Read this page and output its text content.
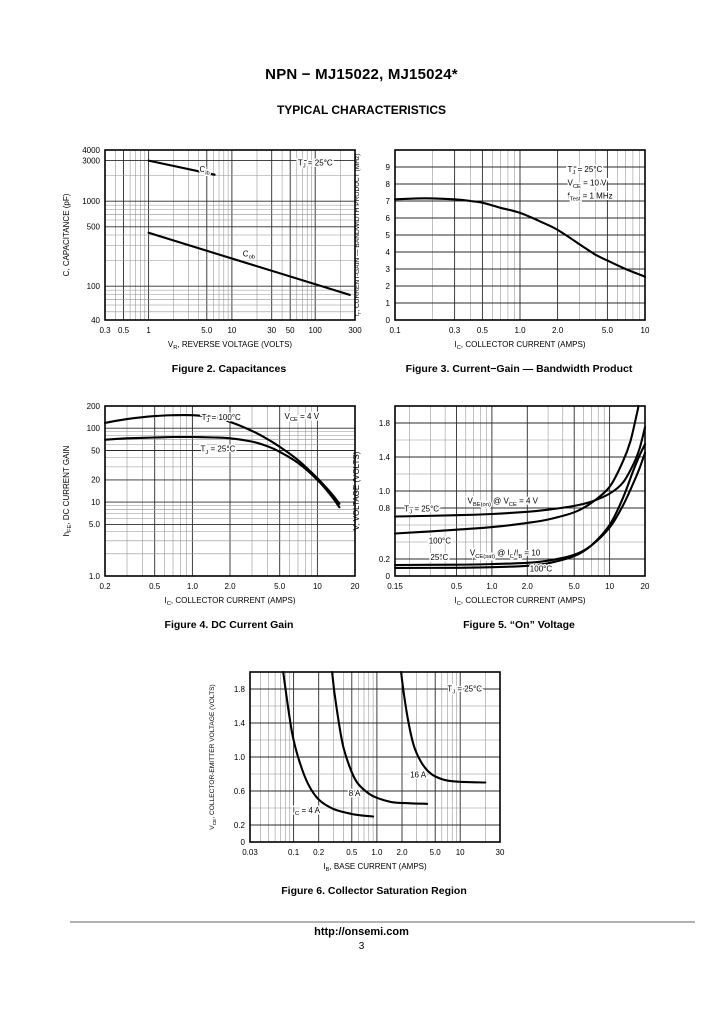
NPN − MJ15022, MJ15024*
TYPICAL CHARACTERISTICS
0.3 0.5 1	5.0 10	30 50 100	300
4000
3000
1000
500
100
40
$V_R$, REVERSE VOLTAGE (VOLTS)
C, CAPACITANCE (pF)
$C_{ib}$
$C_{ob}$
$T_J = 25^\circ C$
Figure 2. Capacitances
0.1	0.3 0.5	1.0	2.0	5.0	10
0
1
2
3
4
5
6
7
8
9
$I_C$, COLLECTOR CURRENT (AMPS)
$f_T$, CURRENT-GAIN — BANDWIDTH PRODUCT (MHz)	$T_J = 25^\circ C$
$V_{CE} = 10$ V
$f_{Test} = 1$ MHz
Figure 3. Current−Gain — Bandwidth Product
0.2	0.5	1.0	2.0	5.0	10	20
200
100
50
20
10
5.0
1.0
$I_C$, COLLECTOR CURRENT (AMPS)
$h_{FE}$, DC CURRENT GAIN
$T_J = 100^\circ C$	$V_{CE} = 4$ V
$T_J = 25^\circ C$
Figure 4. DC Current Gain
0.15	0.5	1.0	2.0	5.0	10	20
0
0.2
0.8
1.0
1.4
1.8
$I_C$, COLLECTOR CURRENT (AMPS)
V, VOLTAGE (VOLTS)	$T_J = 25^\circ C$
$V_{BE(on)}$ @ $V_{CE} = 4$ V
100°C
25°C	$V_{CE(sat)}$ @ $I_C/I_B = 10$
100°C
Figure 5. “On” Voltage
0.03	0.1 0.2	0.5 1.0 2.0	5.0 10	30
0
0.2
0.6
1.0
1.4
1.8
$I_B$, BASE CURRENT (AMPS)
$V_{CE}$, COLLECTOR-EMITTER VOLTAGE (VOLTS)	$T_J = 25^\circ C$
$I_C = 4$ A
8 A
16 A
Figure 6. Collector Saturation Region
http://onsemi.com
3
